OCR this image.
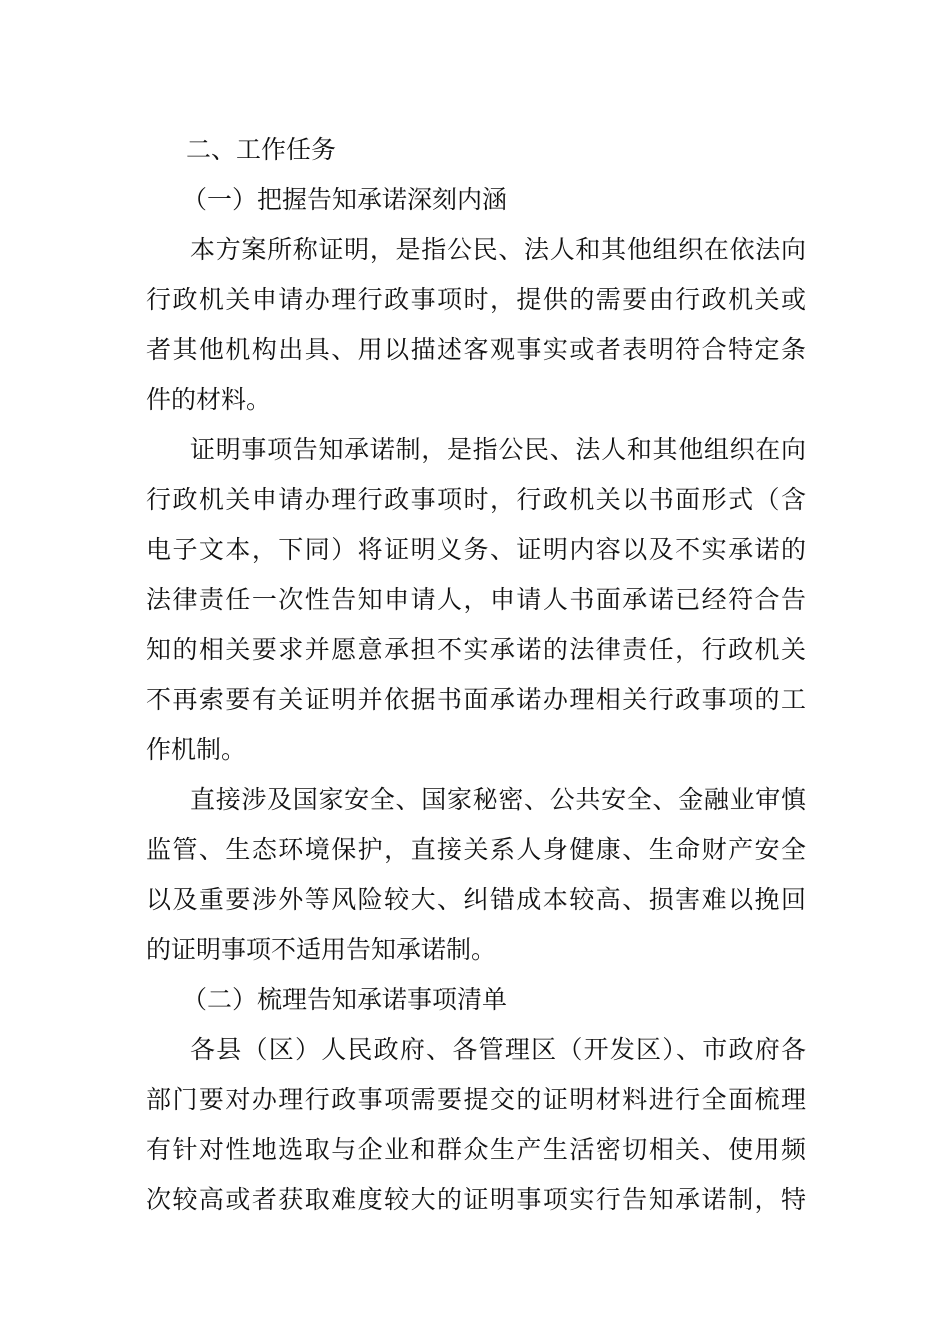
二、工作任务

（一）把握告知承诺深刻内涵

本方案所称证明，是指公民、法人和其他组织在依法向
行政机关申请办理行政事项时，提供的需要由行政机关或
者其他机构出具、用以描述客观事实或者表明符合特定条
件的材料。
证明事项告知承诺制，是指公民、法人和其他组织在向
行政机关申请办理行政事项时，行政机关以书面形式（含
电子文本，下同）将证明义务、证明内容以及不实承诺的
法律责任一次性告知申请人，申请人书面承诺已经符合告
知的相关要求并愿意承担不实承诺的法律责任，行政机关
不再索要有关证明并依据书面承诺办理相关行政事项的工
作机制。
直接涉及国家安全、国家秘密、公共安全、金融业审慎
监管、生态环境保护，直接关系人身健康、生命财产安全
以及重要涉外等风险较大、纠错成本较高、损害难以挽回
的证明事项不适用告知承诺制。

（二）梳理告知承诺事项清单

各县（区）人民政府、各管理区（开发区）、市政府各
部门要对办理行政事项需要提交的证明材料进行全面梳理
有针对性地选取与企业和群众生产生活密切相关、使用频
次较高或者获取难度较大的证明事项实行告知承诺制，特
